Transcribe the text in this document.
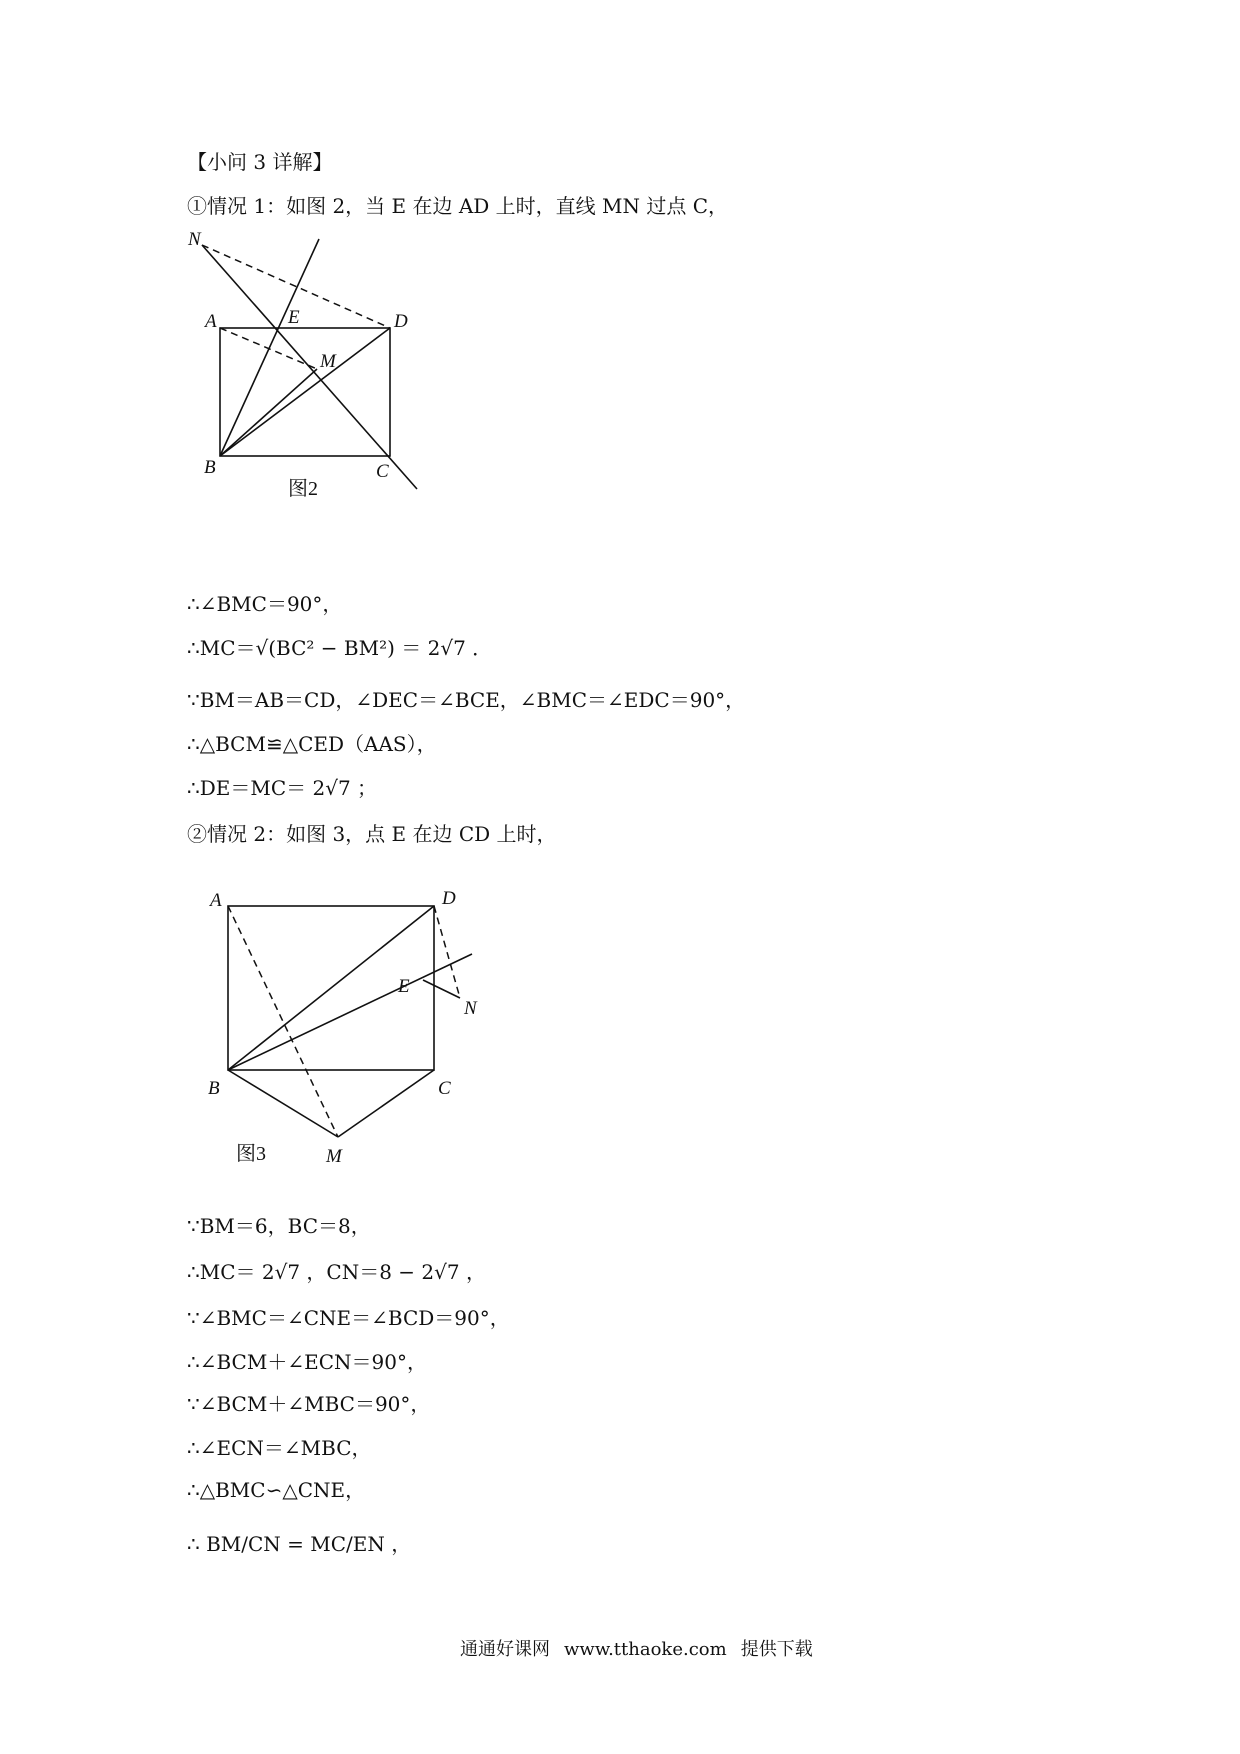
【小问 3 详解】
①情况 1：如图 2，当 E 在边 AD 上时，直线 MN 过点 C，
N
A	E	D
M
B	C
图2
∴∠BMC＝90°，
∴MC＝√(BC² − BM²) ＝ 2√7 ．
∵BM＝AB＝CD，∠DEC＝∠BCE，∠BMC＝∠EDC＝90°，
∴△BCM≌△CED（AAS），
∴DE＝MC＝ 2√7 ；
②情况 2：如图 3，点 E 在边 CD 上时，
A	D
E
N
B	C
M
图3
∵BM＝6，BC＝8，
∴MC＝ 2√7 ，CN＝8 − 2√7 ，
∵∠BMC＝∠CNE＝∠BCD＝90°，
∴∠BCM＋∠ECN＝90°，
∵∠BCM＋∠MBC＝90°，
∴∠ECN＝∠MBC，
∴△BMC∽△CNE，
∴ BM/CN = MC/EN ，
通通好课网 www.tthaoke.com 提供下载
